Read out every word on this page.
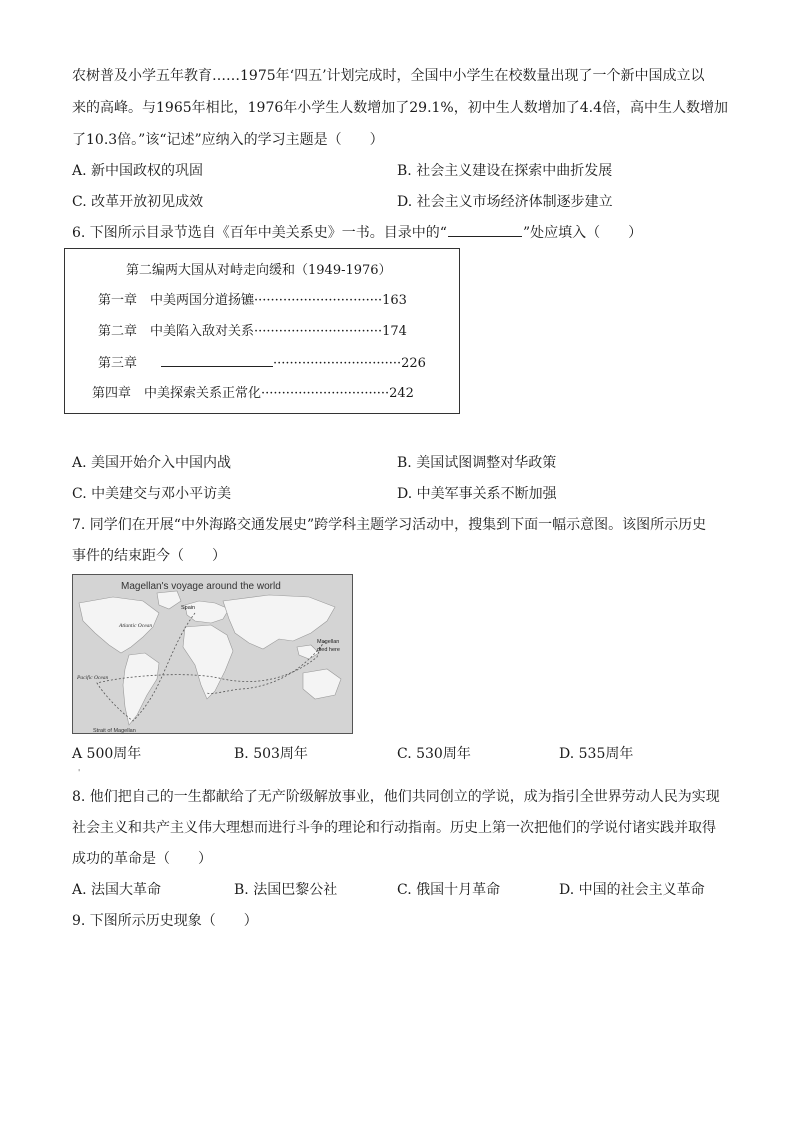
农树普及小学五年教育……1975年‘四五’计划完成时，全国中小学生在校数量出现了一个新中国成立以
来的高峰。与1965年相比，1976年小学生人数增加了29.1%，初中生人数增加了4.4倍，高中生人数增加
了10.3倍。”该“记述”应纳入的学习主题是（　　）
A. 新中国政权的巩固	B. 社会主义建设在探索中曲折发展
C. 改革开放初见成效	D. 社会主义市场经济体制逐步建立
6. 下图所示目录节选自《百年中美关系史》一书。目录中的“	”处应填入（　　）
第二编两大国从对峙走向缓和（1949-1976）
第一章　中美两国分道扬镳·······························163
第二章　中美陷入敌对关系·······························174
第三章	·······························226
第四章　中美探索关系正常化·······························242
A. 美国开始介入中国内战	B. 美国试图调整对华政策
C. 中美建交与邓小平访美	D. 中美军事关系不断加强
7. 同学们在开展“中外海路交通发展史”跨学科主题学习活动中，搜集到下面一幅示意图。该图所示历史
事件的结束距今（　　）
Magellan's voyage around the world
Spain
Atlantic Ocean
Pacific Ocean
Strait of Magellan
Magellan
died here
A 500周年	B. 503周年	C. 530周年	D. 535周年
'
8. 他们把自己的一生都献给了无产阶级解放事业，他们共同创立的学说，成为指引全世界劳动人民为实现
社会主义和共产主义伟大理想而进行斗争的理论和行动指南。历史上第一次把他们的学说付诸实践并取得
成功的革命是（　　）
A. 法国大革命	B. 法国巴黎公社	C. 俄国十月革命	D. 中国的社会主义革命
9. 下图所示历史现象（　　）
